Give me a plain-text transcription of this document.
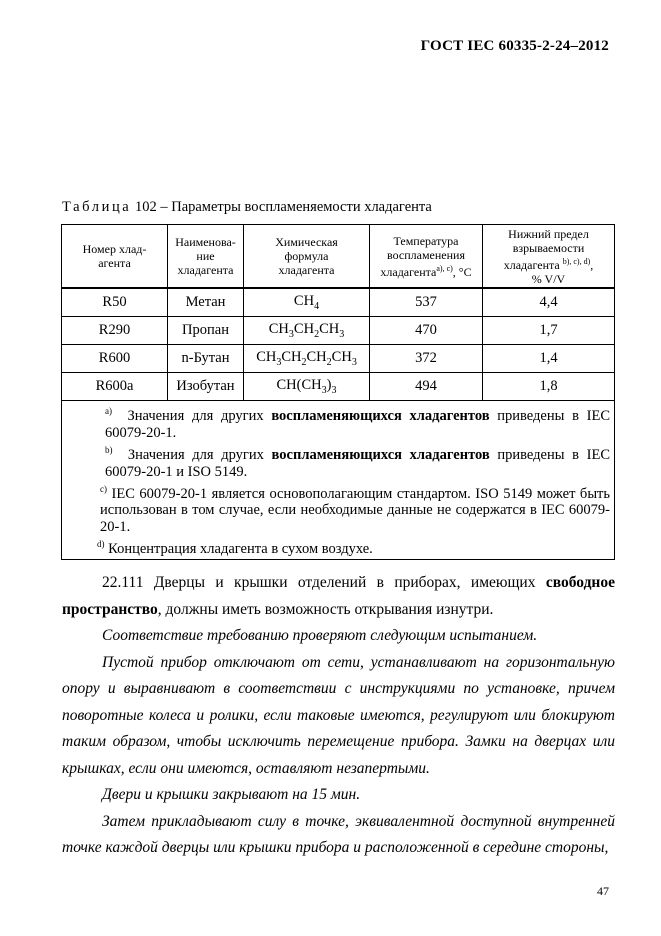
ГОСТ IEC 60335-2-24–2012
Таблица 102 – Параметры воспламеняемости хладагента
Номер хлад-агента	Наименова-ние хладагента	Химическая формула хладагента	Температура воспламенения хладагента$^{a), c)}$, °С	Нижний предел взрываемости хладагента $^{b), c), d)}$,
% V/V

R50	Метан	$CH_4$	537	4,4
R290	Пропан	$CH_3CH_2CH_3$	470	1,7
R600	n-Бутан	$CH_3CH_2CH_2CH_3$	372	1,4
R600a	Изобутан	$CH(CH_3)_3$	494	1,8

$^{a)}$ Значения для других воспламеняющихся хладагентов приведены в IEC 60079-20-1.

$^{b)}$ Значения для других воспламеняющихся хладагентов приведены в IEC 60079-20-1 и ISO 5149.

$^{c)}$ IEC 60079-20-1 является основополагающим стандартом. ISO 5149 может быть использован в том случае, если необходимые данные не содержатся в IEC 60079-20-1.

$^{d)}$ Концентрация хладагента в сухом воздухе.				

22.111 Дверцы и крышки отделений в приборах, имеющих свободное пространство, должны иметь возможность открывания изнутри.

Соответствие требованию проверяют следующим испытанием.

Пустой прибор отключают от сети, устанавливают на горизонтальную опору и выравнивают в соответствии с инструкциями по установке, причем поворотные колеса и ролики, если таковые имеются, регулируют или блокируют таким образом, чтобы исключить перемещение прибора. Замки на дверцах или крышках, если они имеются, оставляют незапертыми.

Двери и крышки закрывают на 15 мин.

Затем прикладывают силу в точке, эквивалентной доступной внутренней точке каждой дверцы или крышки прибора и расположенной в середине стороны,

47
